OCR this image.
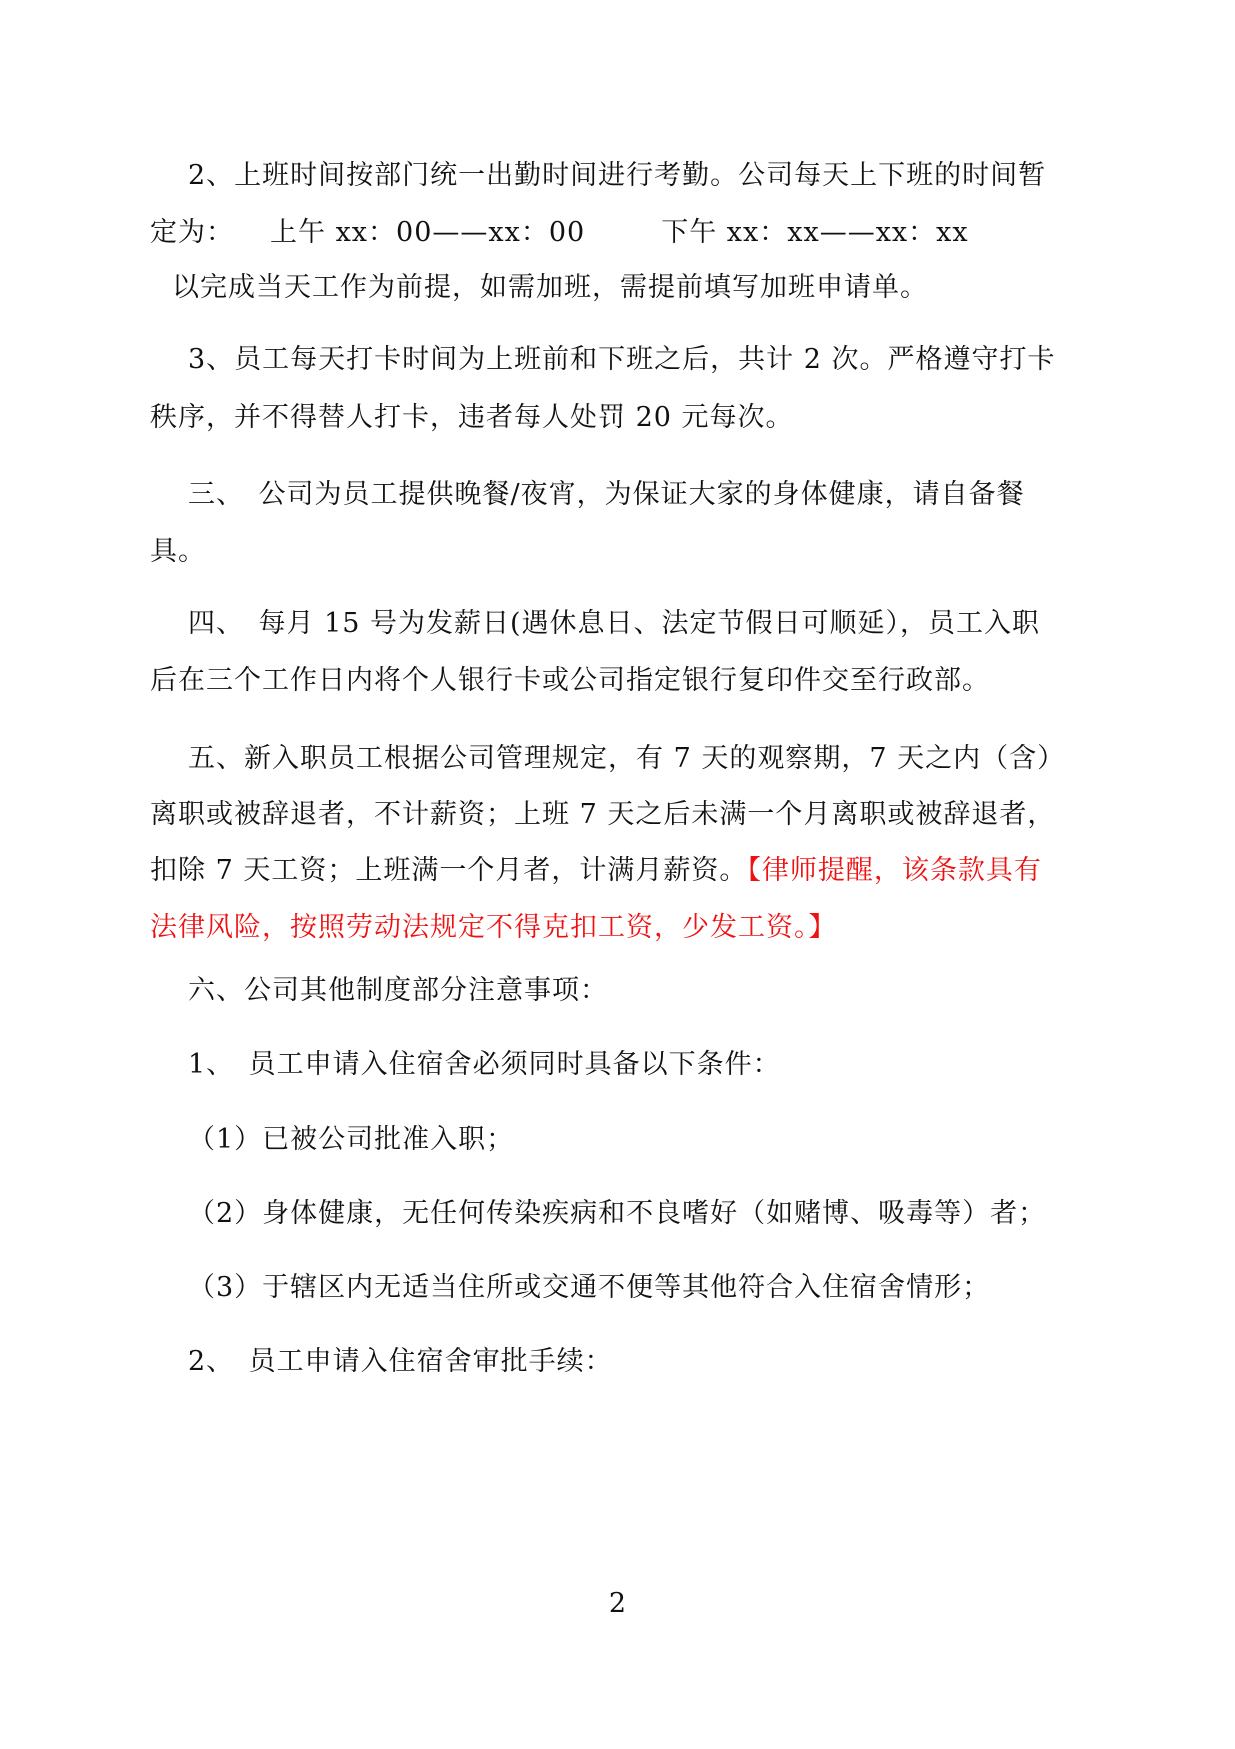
2、上班时间按部门统一出勤时间进行考勤。公司每天上下班的时间暂
定为： 上午 xx：00——xx：00	下午 xx：xx——xx：xx
以完成当天工作为前提，如需加班，需提前填写加班申请单。
3、员工每天打卡时间为上班前和下班之后，共计 2 次。严格遵守打卡
秩序，并不得替人打卡，违者每人处罚 20 元每次。
三、　公司为员工提供晚餐/夜宵，为保证大家的身体健康，请自备餐
具。
四、　每月 15 号为发薪日(遇休息日、法定节假日可顺延），员工入职
后在三个工作日内将个人银行卡或公司指定银行复印件交至行政部。
五、新入职员工根据公司管理规定，有 7 天的观察期，7 天之内（含）
离职或被辞退者，不计薪资；上班 7 天之后未满一个月离职或被辞退者，
扣除 7 天工资；上班满一个月者，计满月薪资。【律师提醒，该条款具有
法律风险，按照劳动法规定不得克扣工资，少发工资。】
六、公司其他制度部分注意事项：
1、　员工申请入住宿舍必须同时具备以下条件：
（1）已被公司批准入职；
（2）身体健康，无任何传染疾病和不良嗜好（如赌博、吸毒等）者；
（3）于辖区内无适当住所或交通不便等其他符合入住宿舍情形；
2、　员工申请入住宿舍审批手续：
2
